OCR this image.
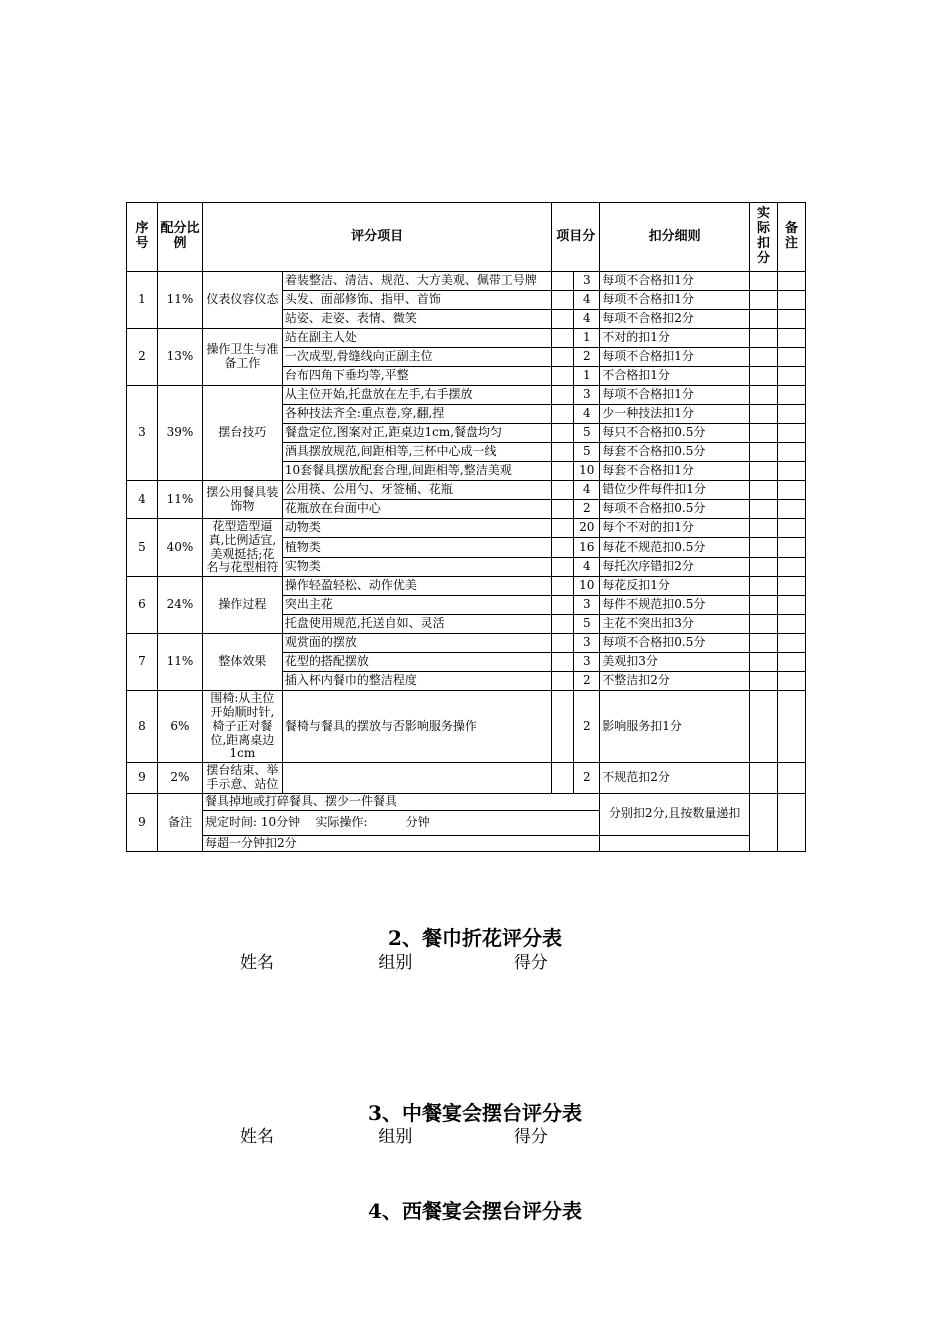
序号	配分比例	评分项目		项目分		扣分细则	实际扣分	备注
1	11%	仪表仪容仪态	着装整洁、清洁、规范、大方美观、佩带工号牌		3	每项不合格扣1分		
			头发、面部修饰、指甲、首饰		4	每项不合格扣1分		
			站姿、走姿、表情、微笑		4	每项不合格扣2分		
2	13%	操作卫生与准备工作	站在副主人处		1	不对的扣1分		
			一次成型,骨缝线向正副主位		2	每项不合格扣1分		
			台布四角下垂均等,平整		1	不合格扣1分		
3	39%	摆台技巧	从主位开始,托盘放在左手,右手摆放		3	每项不合格扣1分		
			各种技法齐全:重点卷,穿,翻,捏		4	少一种技法扣1分		
			餐盘定位,图案对正,距桌边1cm,餐盘均匀		5	每只不合格扣0.5分		
			酒具摆放规范,间距相等,三杯中心成一线		5	每套不合格扣0.5分		
			10套餐具摆放配套合理,间距相等,整洁美观		10	每套不合格扣1分		
4	11%	摆公用餐具装饰物	公用筷、公用勺、牙签桶、花瓶		4	错位少件每件扣1分		
			花瓶放在台面中心		2	每项不合格扣0.5分		
5	40%	花型造型逼真,比例适宜,美观挺括;花名与花型相符	动物类		20	每个不对的扣1分		
			植物类		16	每花不规范扣0.5分		
			实物类		4	每托次序错扣2分		
6	24%	操作过程	操作轻盈轻松、动作优美		10	每花反扣1分		
			突出主花		3	每件不规范扣0.5分		
			托盘使用规范,托送自如、灵活		5	主花不突出扣3分		
7	11%	整体效果	观赏面的摆放		3	每项不合格扣0.5分		
			花型的搭配摆放		3	美观扣3分		
			插入杯内餐巾的整洁程度		2	不整洁扣2分		
8	6%	围椅:从主位开始顺时针,椅子正对餐位,距离桌边1cm	餐椅与餐具的摆放与否影响服务操作		2	影响服务扣1分		
9	2%	摆台结束、举手示意、站位			2	不规范扣2分		
9	备注	餐具掉地或打碎餐具、摆少一件餐具				分别扣2分,且按数量递扣		
		规定时间: 10分钟 实际操作: 分钟						
		每超一分钟扣2分						
2、餐巾折花评分表
姓名	组别	得分
3、中餐宴会摆台评分表
姓名	组别	得分
4、西餐宴会摆台评分表
